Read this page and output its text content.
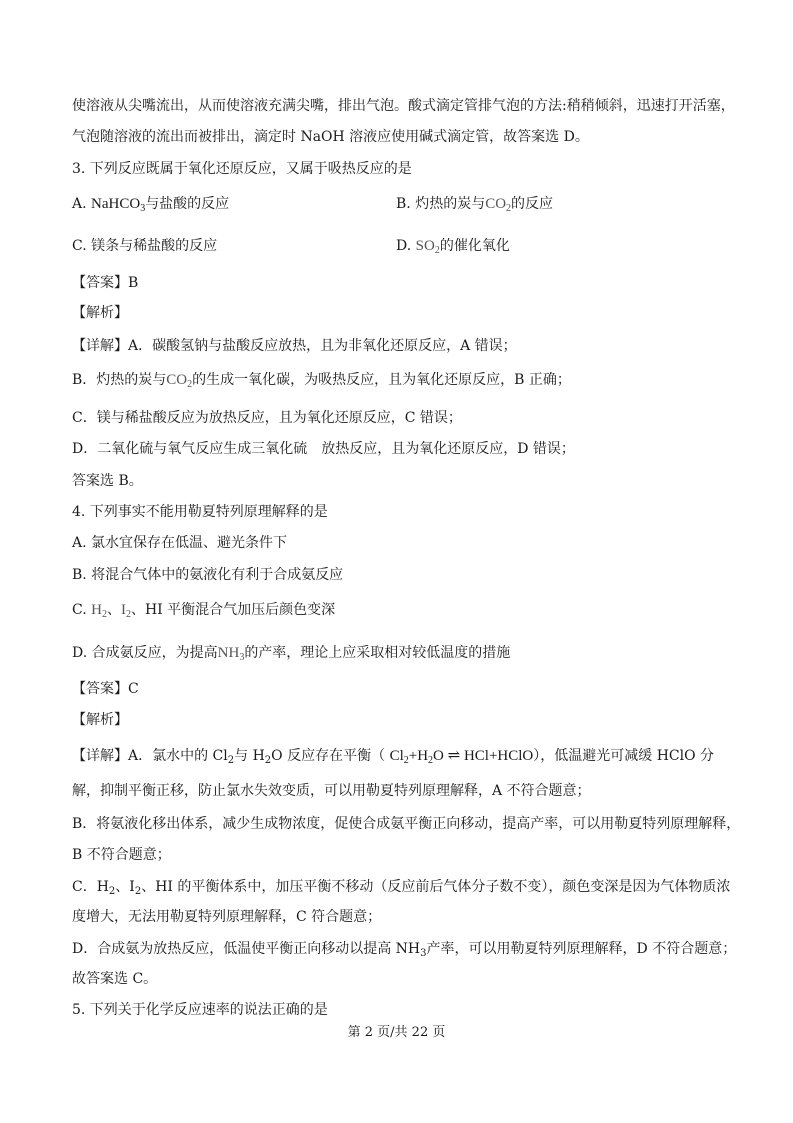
使溶液从尖嘴流出，从而使溶液充满尖嘴，排出气泡。酸式滴定管排气泡的方法:稍稍倾斜，迅速打开活塞，
气泡随溶液的流出而被排出，滴定时 NaOH 溶液应使用碱式滴定管，故答案选 D。
3. 下列反应既属于氧化还原反应，又属于吸热反应的是
A. NaHCO$_3$与盐酸的反应	B. 灼热的炭与$CO_2$的反应
C. 镁条与稀盐酸的反应	D. $SO_2$的催化氧化
【答案】B
【解析】
【详解】A．碳酸氢钠与盐酸反应放热，且为非氧化还原反应，A 错误；
B．灼热的炭与$CO_2$的生成一氧化碳，为吸热反应，且为氧化还原反应，B 正确；
C．镁与稀盐酸反应为放热反应，且为氧化还原反应，C 错误；
D．二氧化硫与氧气反应生成三氧化硫　放热反应，且为氧化还原反应，D 错误；
答案选 B。
4. 下列事实不能用勒夏特列原理解释的是
A. 氯水宜保存在低温、避光条件下
B. 将混合气体中的氨液化有利于合成氨反应
C. $H_2$、$I_2$、HI 平衡混合气加压后颜色变深
D. 合成氨反应，为提高$NH_3$的产率，理论上应采取相对较低温度的措施
【答案】C
【解析】
【详解】A．氯水中的 $Cl_2$与 $H_2O$ 反应存在平衡（ $Cl_2+H_2O$ ⇌ HCl+HClO），低温避光可减缓 HClO 分
解，抑制平衡正移，防止氯水失效变质，可以用勒夏特列原理解释，A 不符合题意；
B．将氨液化移出体系，减少生成物浓度，促使合成氨平衡正向移动，提高产率，可以用勒夏特列原理解释，
B 不符合题意；
C．$H_2$、$I_2$、HI 的平衡体系中，加压平衡不移动（反应前后气体分子数不变），颜色变深是因为气体物质浓
度增大，无法用勒夏特列原理解释，C 符合题意；
D．合成氨为放热反应，低温使平衡正向移动以提高 $NH_3$产率，可以用勒夏特列原理解释，D 不符合题意；
故答案选 C。
5. 下列关于化学反应速率的说法正确的是
第 2 页/共 22 页
